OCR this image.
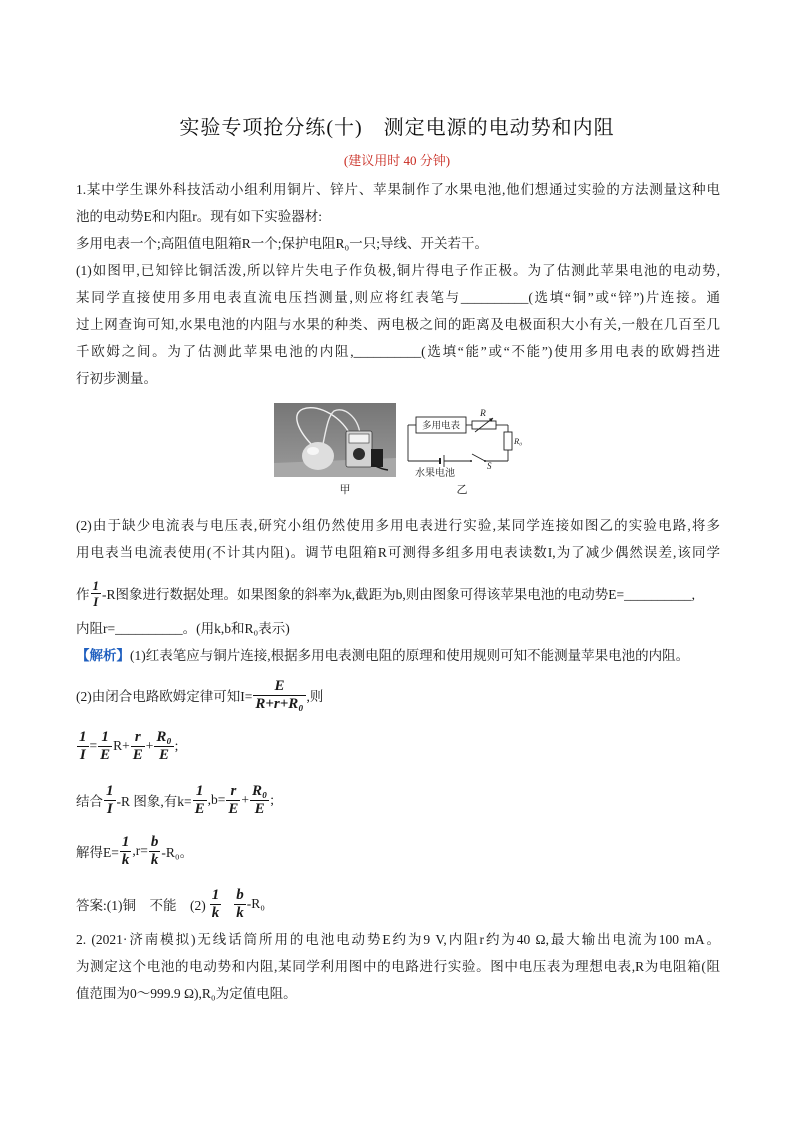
实验专项抢分练(十)　测定电源的电动势和内阻
(建议用时 40 分钟)
1.某中学生课外科技活动小组利用铜片、锌片、苹果制作了水果电池,他们想通过实验的方法测量这种电
池的电动势E和内阻r。现有如下实验器材:
多用电表一个;高阻值电阻箱R一个;保护电阻R₀一只;导线、开关若干。
(1)如图甲,已知锌比铜活泼,所以锌片失电子作负极,铜片得电子作正极。为了估测此苹果电池的电动势,
某同学直接使用多用电表直流电压挡测量,则应将红表笔与__________(选填“铜”或“锌”)片连接。通
过上网查询可知,水果电池的内阻与水果的种类、两电极之间的距离及电极面积大小有关,一般在几百至几
千欧姆之间。为了估测此苹果电池的内阻,__________(选填“能”或“不能”)使用多用电表的欧姆挡进
行初步测量。
多用电表
R
R₀
水果电池
S
甲	乙
(2)由于缺少电流表与电压表,研究小组仍然使用多用电表进行实验,某同学连接如图乙的实验电路,将多
用电表当电流表使用(不计其内阻)。调节电阻箱R可测得多组多用电表读数I,为了减少偶然误差,该同学
作 $\frac{1}{I} -R$图象进行数据处理。如果图象的斜率为k,截距为b,则由图象可得该苹果电池的电动势E=__________,
内阻r=__________。(用k,b和R₀表示)
【解析】(1)红表笔应与铜片连接,根据多用电表测电阻的原理和使用规则可知不能测量苹果电池的内阻。
(2)由闭合电路欧姆定律可知$I= \frac{E}{\text{R+r+R₀}}$ ,则
$\frac{1}{I} = \frac{1}{E} R+ \frac{r}{E} + \frac{\text{R₀}}{E}$ ;
结合 $\frac{1}{I} -R$ 图象,有$k= \frac{1}{E} ,b= \frac{r}{E} + \frac{\text{R₀}}{E}$ ;
解得$E= \frac{1}{k} ,r= \frac{b}{k} -R_0$。
答案:(1)铜　不能　$(2) \frac{1}{k} \frac{b}{k} -R_0$
2. (2021·济南模拟)无线话筒所用的电池电动势E约为9 V,内阻r约为40 Ω,最大输出电流为100 mA。
为测定这个电池的电动势和内阻,某同学利用图中的电路进行实验。图中电压表为理想电表,R为电阻箱(阻
值范围为0～999.9 Ω),R₀为定值电阻。
